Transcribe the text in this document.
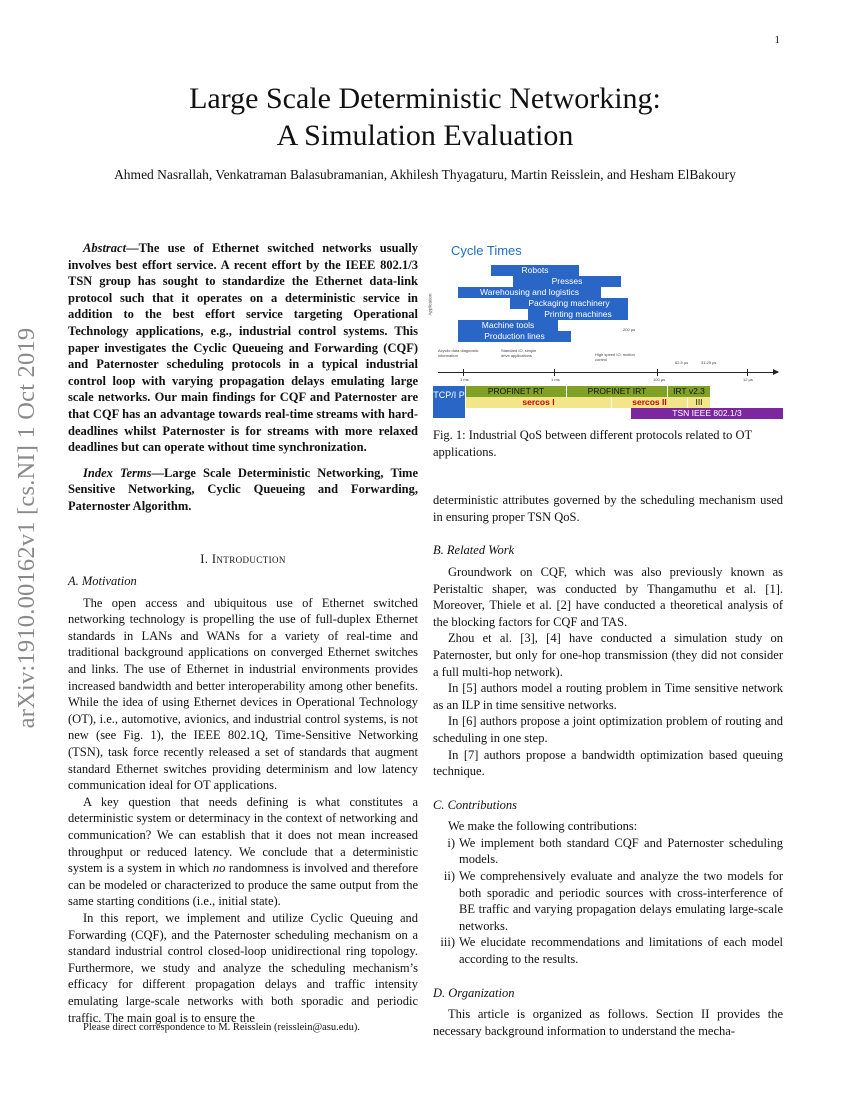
1
arXiv:1910.00162v1 [cs.NI] 1 Oct 2019
Large Scale Deterministic Networking:
A Simulation Evaluation
Ahmed Nasrallah, Venkatraman Balasubramanian, Akhilesh Thyagaturu, Martin Reisslein, and Hesham ElBakoury

Abstract—The use of Ethernet switched networks usually involves best effort service. A recent effort by the IEEE 802.1/3 TSN group has sought to standardize the Ethernet data-link protocol such that it operates on a deterministic service in addition to the best effort service targeting Operational Technology applications, e.g., industrial control systems. This paper investigates the Cyclic Queueing and Forwarding (CQF) and Paternoster scheduling protocols in a typical industrial control loop with varying propagation delays emulating large scale networks. Our main findings for CQF and Paternoster are that CQF has an advantage towards real-time streams with hard-deadlines whilst Paternoster is for streams with more relaxed deadlines but can operate without time synchronization.

Index Terms—Large Scale Deterministic Networking, Time Sensitive Networking, Cyclic Queueing and Forwarding, Paternoster Algorithm.

I. Introduction

A. Motivation

The open access and ubiquitous use of Ethernet switched networking technology is propelling the use of full-duplex Ethernet standards in LANs and WANs for a variety of real-time and traditional background applications on converged Ethernet switches and links. The use of Ethernet in industrial environments provides increased bandwidth and better interoperability among other benefits. While the idea of using Ethernet devices in Operational Technology (OT), i.e., automotive, avionics, and industrial control systems, is not new (see Fig. 1), the IEEE 802.1Q, Time-Sensitive Networking (TSN), task force recently released a set of standards that augment standard Ethernet switches providing determinism and low latency communication ideal for OT applications.

A key question that needs defining is what constitutes a deterministic system or determinacy in the context of networking and communication? We can establish that it does not mean increased throughput or reduced latency. We conclude that a deterministic system is a system in which no randomness is involved and therefore can be modeled or characterized to produce the same output from the same starting conditions (i.e., initial state).

In this report, we implement and utilize Cyclic Queuing and Forwarding (CQF), and the Paternoster scheduling mechanism on a standard industrial control closed-loop unidirectional ring topology. Furthermore, we study and analyze the scheduling mechanism’s efficacy for different propagation delays and traffic intensity emulating large-scale networks with both sporadic and periodic traffic. The main goal is to ensure the

Please direct correspondence to M. Reisslein (reisslein@asu.edu).
Cycle Times
Application
Robots
Presses
Warehousing and logistics
Packaging machinery
Printing machines
Machine tools
Production lines
200 µs
Acyclic data diagnostic information
Standard IO, simple drive applications	High speed IO, motion control
62.5 µs	31.25 µs
1 ms	1 ms	100 µs	12 µs
TCP/I P	PROFINET RT	PROFINET IRT	IRT v2.3
sercos I	sercos II	III
TSN IEEE 802.1/3

Fig. 1: Industrial QoS between different protocols related to OT applications.

deterministic attributes governed by the scheduling mechanism used in ensuring proper TSN QoS.

B. Related Work

Groundwork on CQF, which was also previously known as Peristaltic shaper, was conducted by Thangamuthu et al. [1]. Moreover, Thiele et al. [2] have conducted a theoretical analysis of the blocking factors for CQF and TAS.

Zhou et al. [3], [4] have conducted a simulation study on Paternoster, but only for one-hop transmission (they did not consider a full multi-hop network).

In [5] authors model a routing problem in Time sensitive network as an ILP in time sensitive networks.

In [6] authors propose a joint optimization problem of routing and scheduling in one step.

In [7] authors propose a bandwidth optimization based queuing technique.

C. Contributions

We make the following contributions:

i) We implement both standard CQF and Paternoster scheduling models.
ii) We comprehensively evaluate and analyze the two models for both sporadic and periodic sources with cross-interference of BE traffic and varying propagation delays emulating large-scale networks.
iii) We elucidate recommendations and limitations of each model according to the results.

D. Organization

This article is organized as follows. Section II provides the necessary background information to understand the mecha-
